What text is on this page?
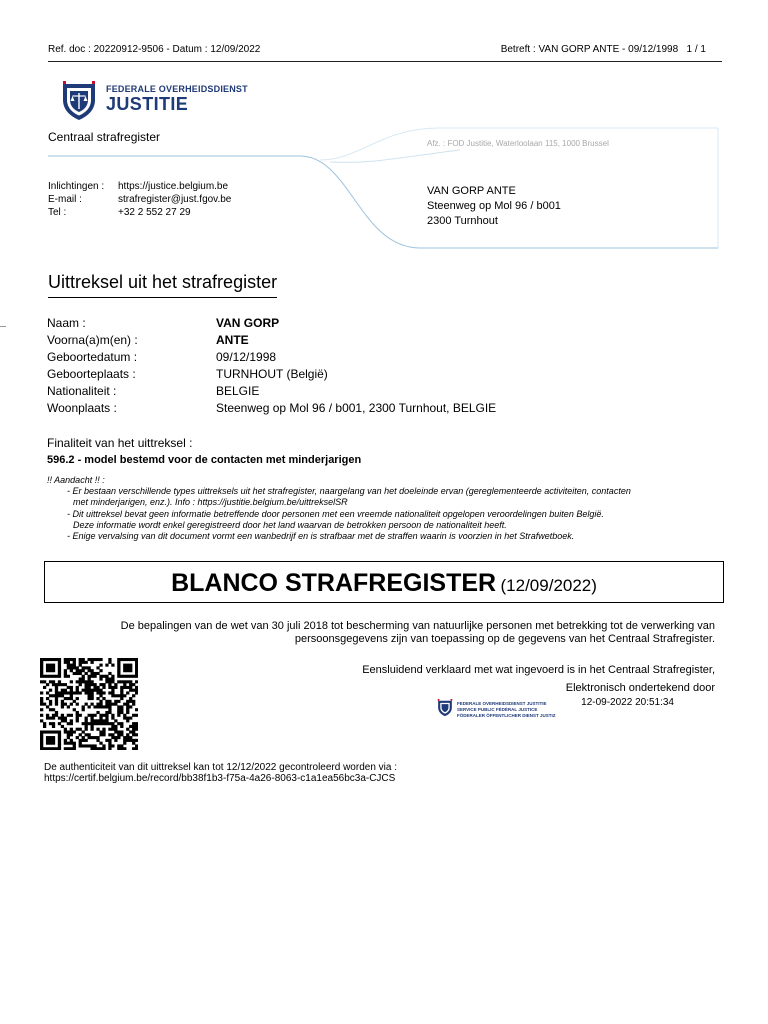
Ref. doc : 20220912-9506 - Datum : 12/09/2022	Betreft : VAN GORP ANTE - 09/12/1998 1 / 1
FEDERALE OVERHEIDSDIENST
JUSTITIE
Centraal strafregister	Afz. : FOD Justitie, Waterloolaan 115, 1000 Brussel
Inlichtingen : https://justice.belgium.be
E-mail :	strafregister@just.fgov.be
Tel :	+32 2 552 27 29
VAN GORP ANTE
Steenweg op Mol 96 / b001
2300 Turnhout
Uittreksel uit het strafregister
Naam :	VAN GORP
Voorna(a)m(en) :	ANTE
Geboortedatum :	09/12/1998
Geboorteplaats :	TURNHOUT (België)
Nationaliteit :	BELGIE
Woonplaats :	Steenweg op Mol 96 / b001, 2300 Turnhout, BELGIE
Finaliteit van het uittreksel :
596.2 - model bestemd voor de contacten met minderjarigen
!! Aandacht !! :
- Er bestaan verschillende types uittreksels uit het strafregister, naargelang van het doeleinde ervan (gereglementeerde activiteiten, contacten
met minderjarigen, enz.). Info : https://justitie.belgium.be/uittrekselSR
- Dit uittreksel bevat geen informatie betreffende door personen met een vreemde nationaliteit opgelopen veroordelingen buiten België.
Deze informatie wordt enkel geregistreerd door het land waarvan de betrokken persoon de nationaliteit heeft.
- Enige vervalsing van dit document vormt een wanbedrijf en is strafbaar met de straffen waarin is voorzien in het Strafwetboek.
BLANCO STRAFREGISTER (12/09/2022)
De bepalingen van de wet van 30 juli 2018 tot bescherming van natuurlijke personen met betrekking tot de verwerking van
persoonsgegevens zijn van toepassing op de gegevens van het Centraal Strafregister.
Eensluidend verklaard met wat ingevoerd is in het Centraal Strafregister,
Elektronisch ondertekend door
FEDERALE OVERHEIDSDIENST JUSTITIE
SERVICE PUBLIC FÉDÉRAL JUSTICE
FÖDERALER ÖFFENTLICHER DIENST JUSTIZ
12-09-2022 20:51:34
De authenticiteit van dit uittreksel kan tot 12/12/2022 gecontroleerd worden via :
https://certif.belgium.be/record/bb38f1b3-f75a-4a26-8063-c1a1ea56bc3a-CJCS
